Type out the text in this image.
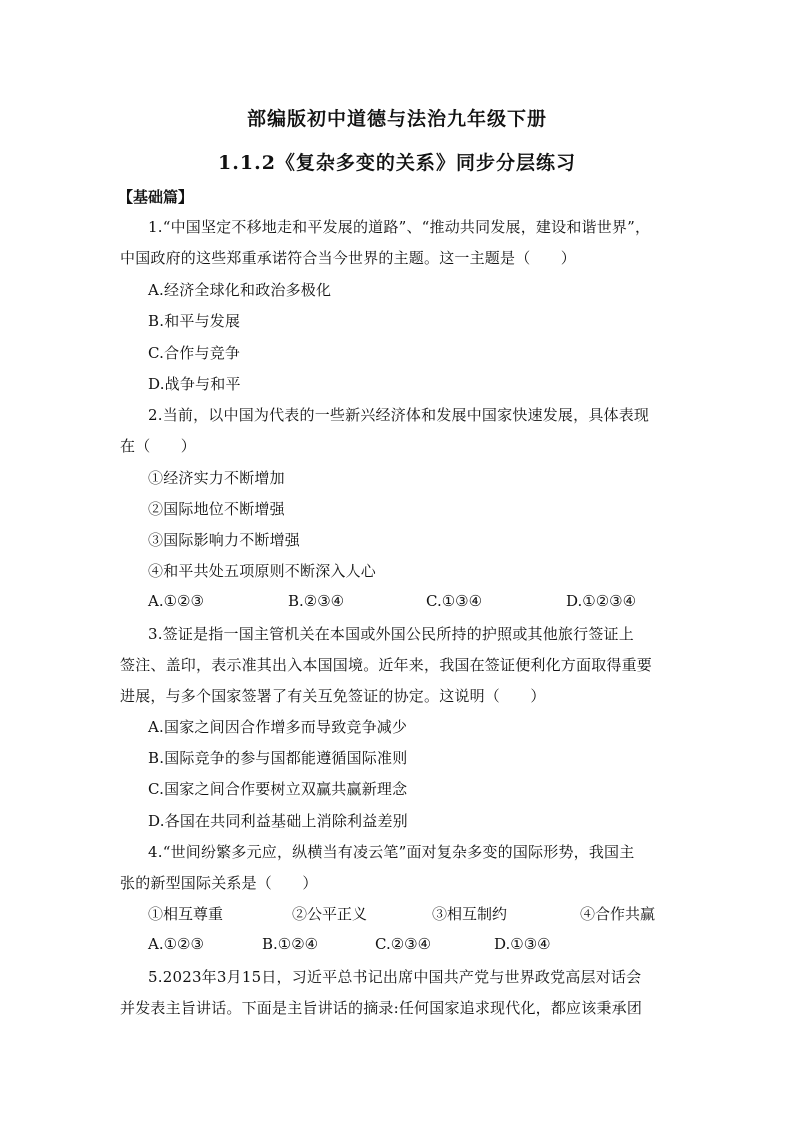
部编版初中道德与法治九年级下册
1.1.2《复杂多变的关系》同步分层练习
【基础篇】
1.“中国坚定不移地走和平发展的道路”、“推动共同发展，建设和谐世界”，
中国政府的这些郑重承诺符合当今世界的主题。这一主题是（　　）
A.经济全球化和政治多极化
B.和平与发展
C.合作与竞争
D.战争与和平
2.当前，以中国为代表的一些新兴经济体和发展中国家快速发展，具体表现
在（　　）
①经济实力不断增加
②国际地位不断增强
③国际影响力不断增强
④和平共处五项原则不断深入人心
A.①②③	B.②③④	C.①③④	D.①②③④
3.签证是指一国主管机关在本国或外国公民所持的护照或其他旅行签证上
签注、盖印，表示准其出入本国国境。近年来，我国在签证便利化方面取得重要
进展，与多个国家签署了有关互免签证的协定。这说明（　　）
A.国家之间因合作增多而导致竞争减少
B.国际竞争的参与国都能遵循国际准则
C.国家之间合作要树立双赢共赢新理念
D.各国在共同利益基础上消除利益差别
4.“世间纷繁多元应，纵横当有凌云笔”面对复杂多变的国际形势，我国主
张的新型国际关系是（　　）
①相互尊重	②公平正义	③相互制约	④合作共赢
A.①②③	B.①②④	C.②③④	D.①③④
5.2023年3月15日，习近平总书记出席中国共产党与世界政党高层对话会
并发表主旨讲话。下面是主旨讲话的摘录:任何国家追求现代化，都应该秉承团
